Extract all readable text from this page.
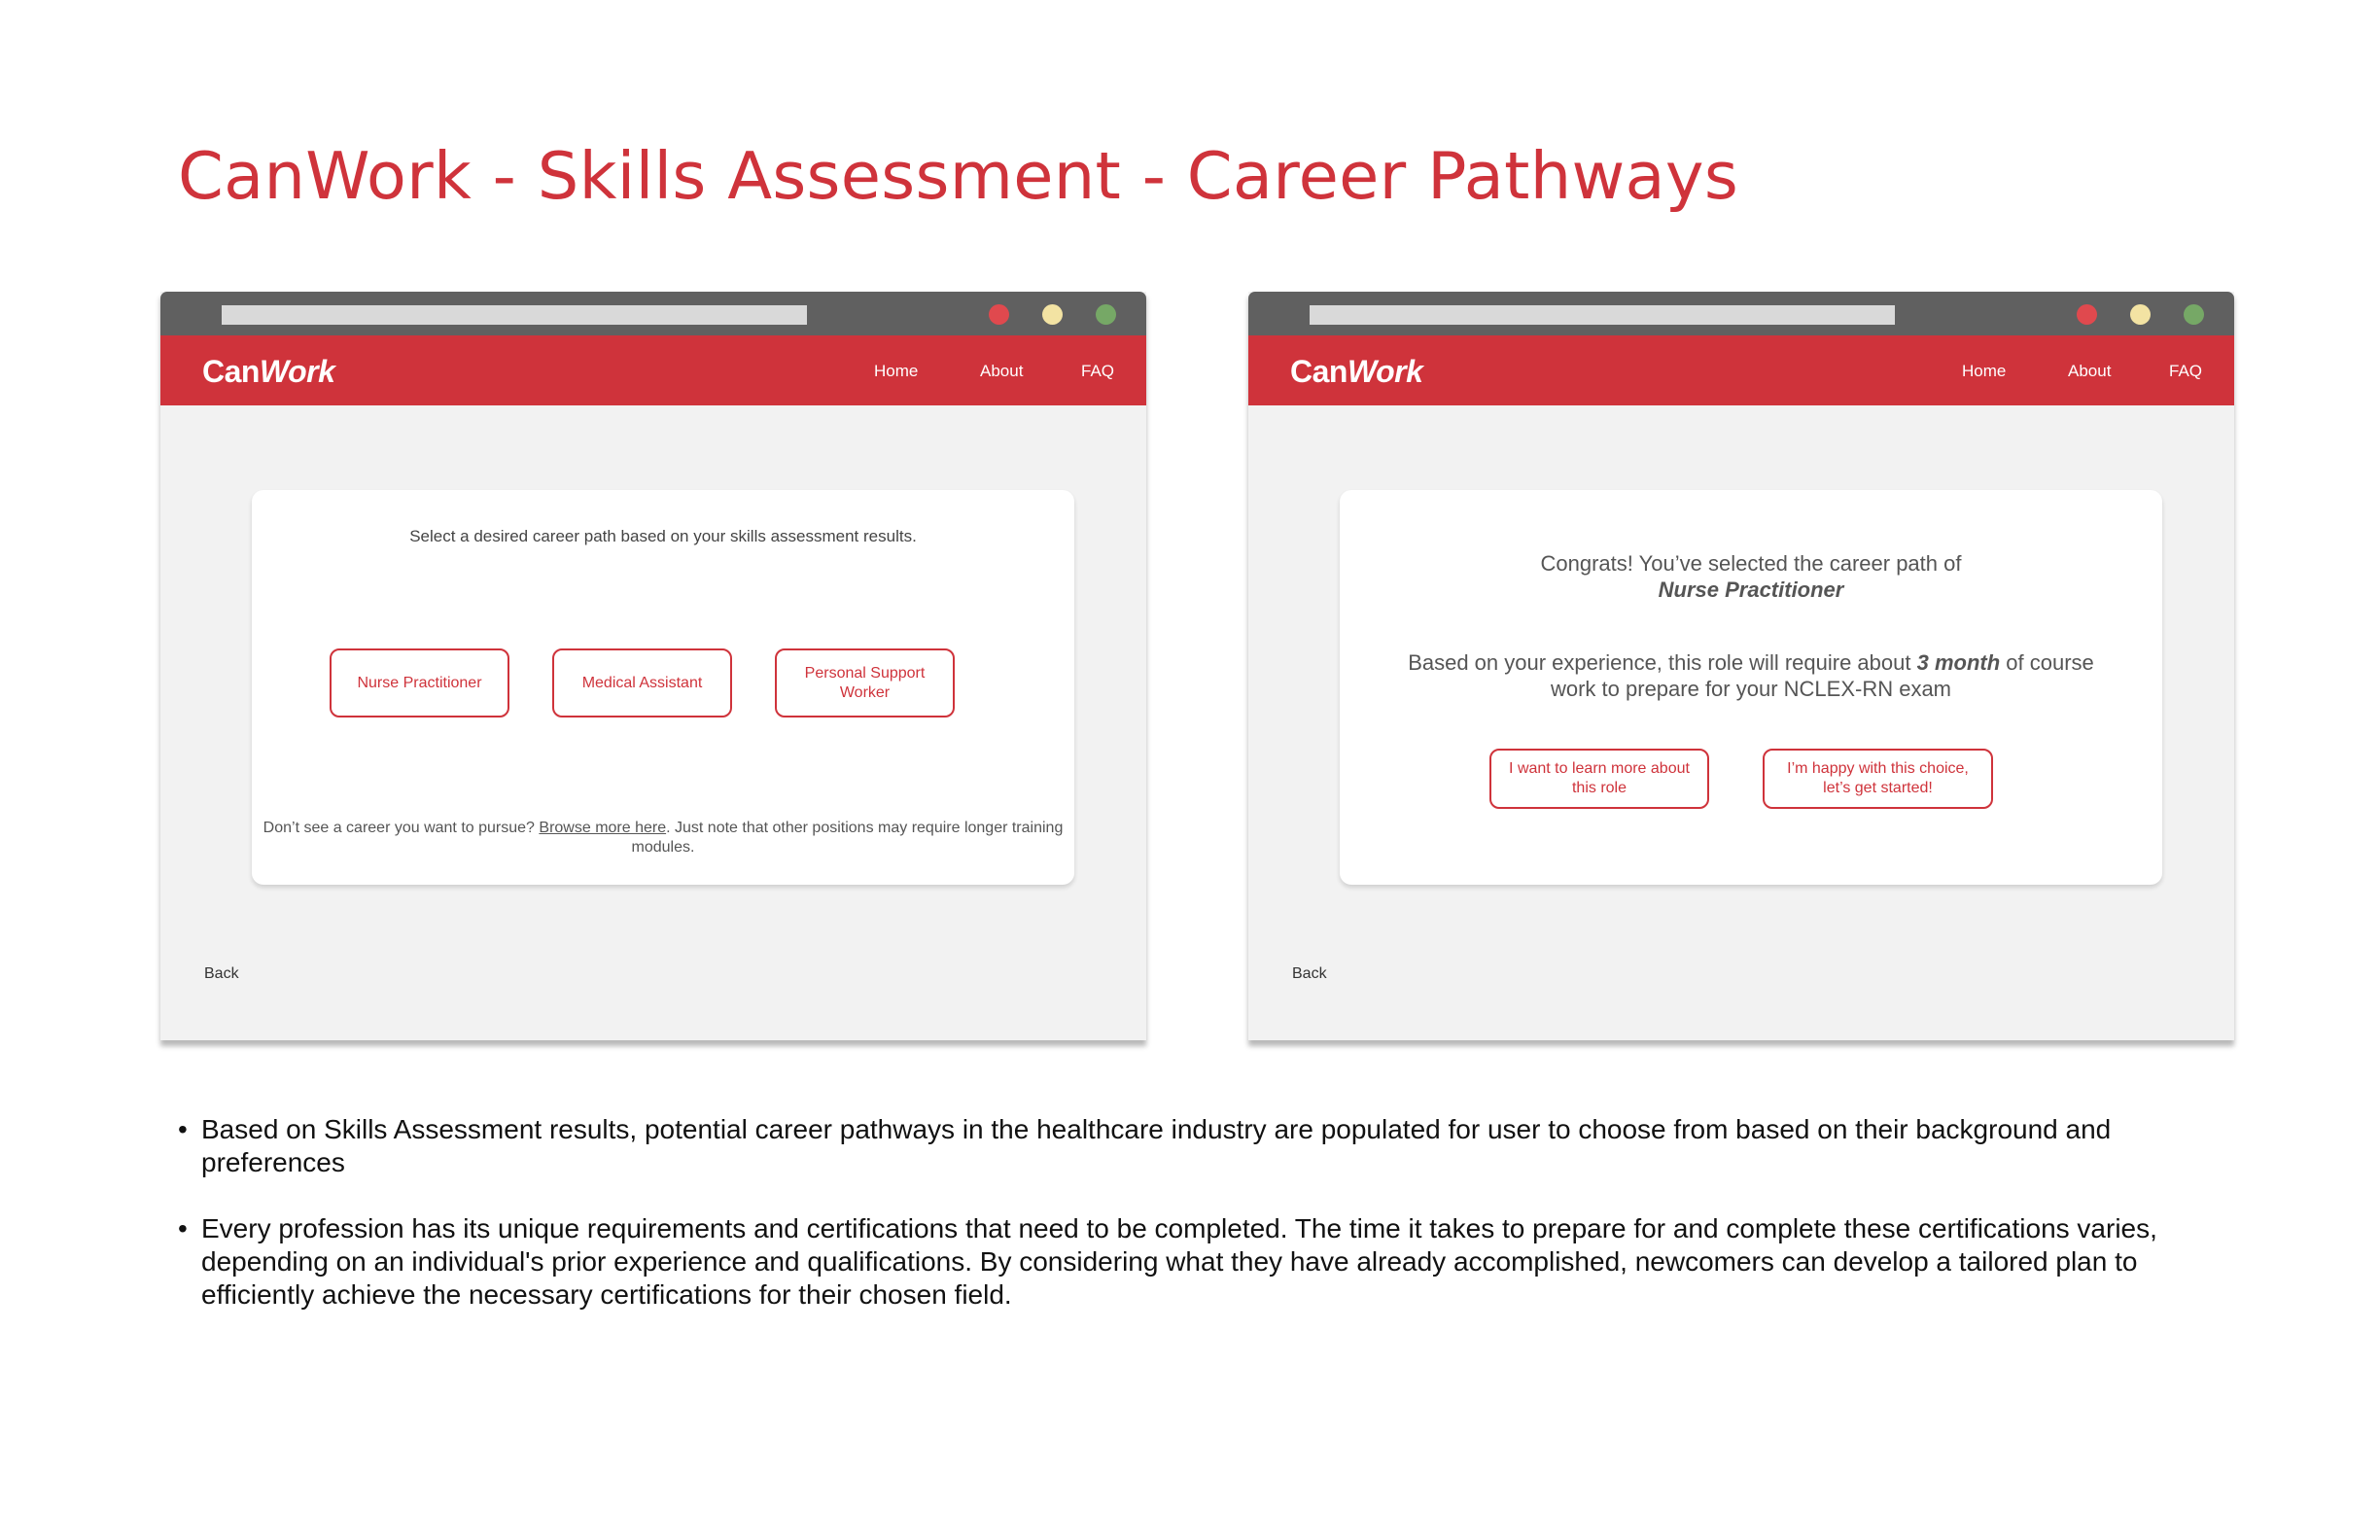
CanWork - Skills Assessment - Career Pathways
CanWork	Home	About	FAQ
Select a desired career path based on your skills assessment results.
Nurse Practitioner	Medical Assistant
Personal Support Worker
Don’t see a career you want to pursue? Browse more here. Just note that other positions may require longer training modules.
Back
CanWork	Home	About	FAQ
Congrats! You’ve selected the career path of
Nurse Practitioner
Based on your experience, this role will require about 3 month of course work to prepare for your NCLEX-RN exam
I want to learn more about this role
I’m happy with this choice, let’s get started!
Back
• Based on Skills Assessment results, potential career pathways in the healthcare industry are populated for user to choose from based on their background and preferences
• Every profession has its unique requirements and certifications that need to be completed. The time it takes to prepare for and complete these certifications varies, depending on an individual's prior experience and qualifications. By considering what they have already accomplished, newcomers can develop a tailored plan to efficiently achieve the necessary certifications for their chosen field.
